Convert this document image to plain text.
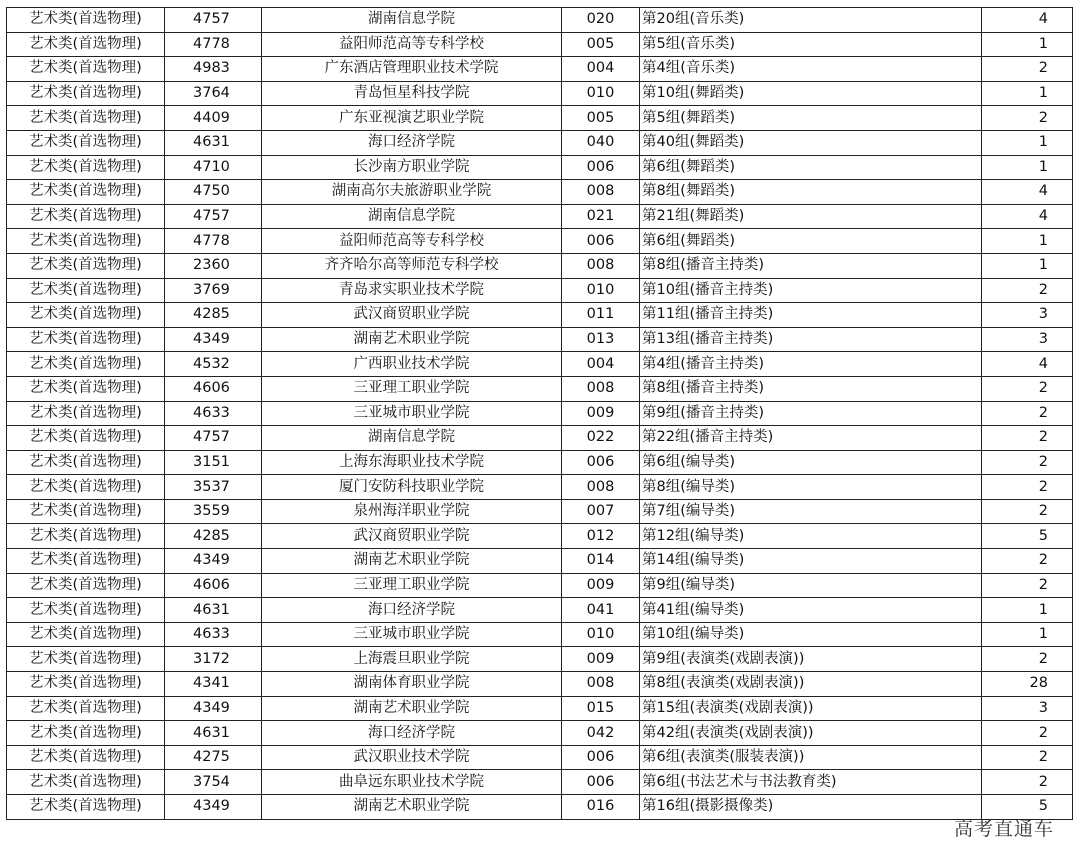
艺术类(首选物理)	4757	湖南信息学院	020	第20组(音乐类)	4
艺术类(首选物理)	4778	益阳师范高等专科学校	005	第5组(音乐类)	1
艺术类(首选物理)	4983	广东酒店管理职业技术学院	004	第4组(音乐类)	2
艺术类(首选物理)	3764	青岛恒星科技学院	010	第10组(舞蹈类)	1
艺术类(首选物理)	4409	广东亚视演艺职业学院	005	第5组(舞蹈类)	2
艺术类(首选物理)	4631	海口经济学院	040	第40组(舞蹈类)	1
艺术类(首选物理)	4710	长沙南方职业学院	006	第6组(舞蹈类)	1
艺术类(首选物理)	4750	湖南高尔夫旅游职业学院	008	第8组(舞蹈类)	4
艺术类(首选物理)	4757	湖南信息学院	021	第21组(舞蹈类)	4
艺术类(首选物理)	4778	益阳师范高等专科学校	006	第6组(舞蹈类)	1
艺术类(首选物理)	2360	齐齐哈尔高等师范专科学校	008	第8组(播音主持类)	1
艺术类(首选物理)	3769	青岛求实职业技术学院	010	第10组(播音主持类)	2
艺术类(首选物理)	4285	武汉商贸职业学院	011	第11组(播音主持类)	3
艺术类(首选物理)	4349	湖南艺术职业学院	013	第13组(播音主持类)	3
艺术类(首选物理)	4532	广西职业技术学院	004	第4组(播音主持类)	4
艺术类(首选物理)	4606	三亚理工职业学院	008	第8组(播音主持类)	2
艺术类(首选物理)	4633	三亚城市职业学院	009	第9组(播音主持类)	2
艺术类(首选物理)	4757	湖南信息学院	022	第22组(播音主持类)	2
艺术类(首选物理)	3151	上海东海职业技术学院	006	第6组(编导类)	2
艺术类(首选物理)	3537	厦门安防科技职业学院	008	第8组(编导类)	2
艺术类(首选物理)	3559	泉州海洋职业学院	007	第7组(编导类)	2
艺术类(首选物理)	4285	武汉商贸职业学院	012	第12组(编导类)	5
艺术类(首选物理)	4349	湖南艺术职业学院	014	第14组(编导类)	2
艺术类(首选物理)	4606	三亚理工职业学院	009	第9组(编导类)	2
艺术类(首选物理)	4631	海口经济学院	041	第41组(编导类)	1
艺术类(首选物理)	4633	三亚城市职业学院	010	第10组(编导类)	1
艺术类(首选物理)	3172	上海震旦职业学院	009	第9组(表演类(戏剧表演))	2
艺术类(首选物理)	4341	湖南体育职业学院	008	第8组(表演类(戏剧表演))	28
艺术类(首选物理)	4349	湖南艺术职业学院	015	第15组(表演类(戏剧表演))	3
艺术类(首选物理)	4631	海口经济学院	042	第42组(表演类(戏剧表演))	2
艺术类(首选物理)	4275	武汉职业技术学院	006	第6组(表演类(服装表演))	2
艺术类(首选物理)	3754	曲阜远东职业技术学院	006	第6组(书法艺术与书法教育类)	2
艺术类(首选物理)	4349	湖南艺术职业学院	016	第16组(摄影摄像类)	5
高考直通车
